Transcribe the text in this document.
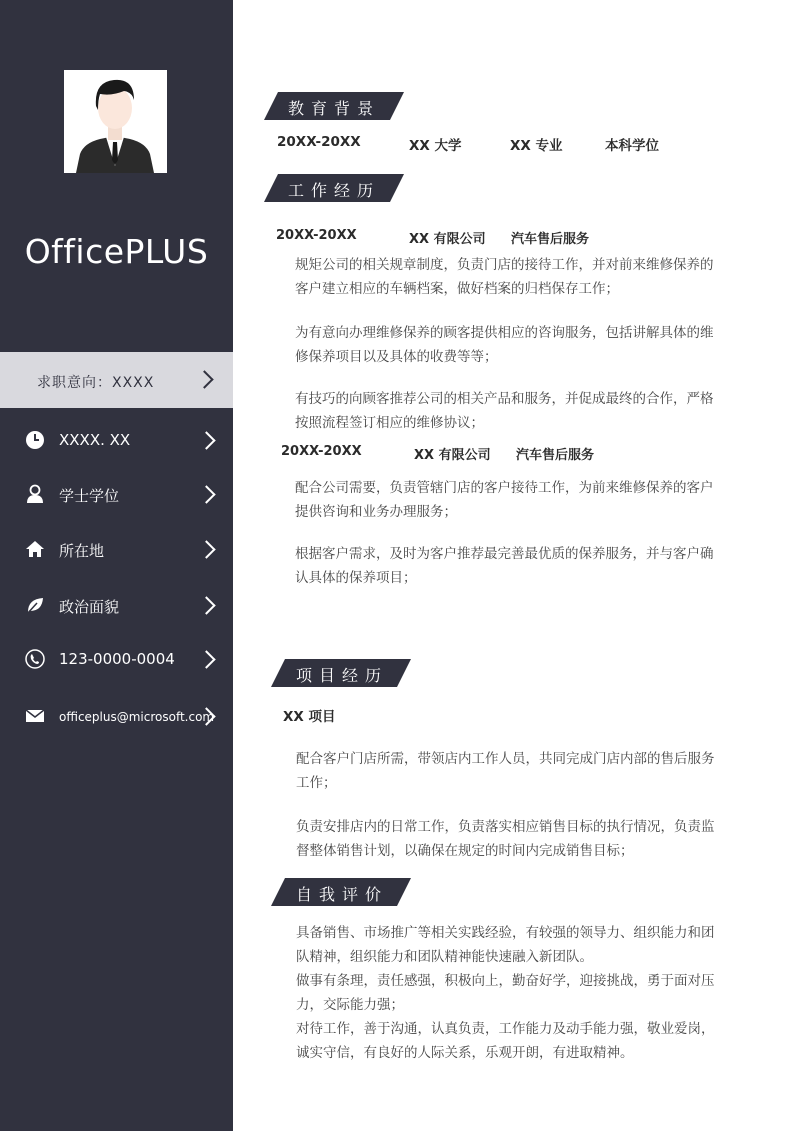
OfficePLUS
求职意向：XXXX
XXXX. XX
学士学位
所在地
政治面貌
123-0000-0004
officeplus@microsoft.com
教育背景
20XX-20XX	XX 大学	XX 专业	本科学位
工作经历
20XX-20XX	XX 有限公司 汽车售后服务
规矩公司的相关规章制度，负责门店的接待工作，并对前来维修保养的客户建立相应的车辆档案，做好档案的归档保存工作；
为有意向办理维修保养的顾客提供相应的咨询服务，包括讲解具体的维修保养项目以及具体的收费等等；
有技巧的向顾客推荐公司的相关产品和服务，并促成最终的合作，严格按照流程签订相应的维修协议；
20XX-20XX	XX 有限公司 汽车售后服务
配合公司需要，负责管辖门店的客户接待工作，为前来维修保养的客户提供咨询和业务办理服务；
根据客户需求，及时为客户推荐最完善最优质的保养服务，并与客户确认具体的保养项目；
项目经历
XX 项目
配合客户门店所需，带领店内工作人员，共同完成门店内部的售后服务工作；
负责安排店内的日常工作，负责落实相应销售目标的执行情况，负责监督整体销售计划，以确保在规定的时间内完成销售目标；
自我评价
具备销售、市场推广等相关实践经验，有较强的领导力、组织能力和团队精神，组织能力和团队精神能快速融入新团队。
做事有条理，责任感强，积极向上，勤奋好学，迎接挑战，勇于面对压力，交际能力强；
对待工作，善于沟通，认真负责，工作能力及动手能力强，敬业爱岗，诚实守信，有良好的人际关系，乐观开朗，有进取精神。
